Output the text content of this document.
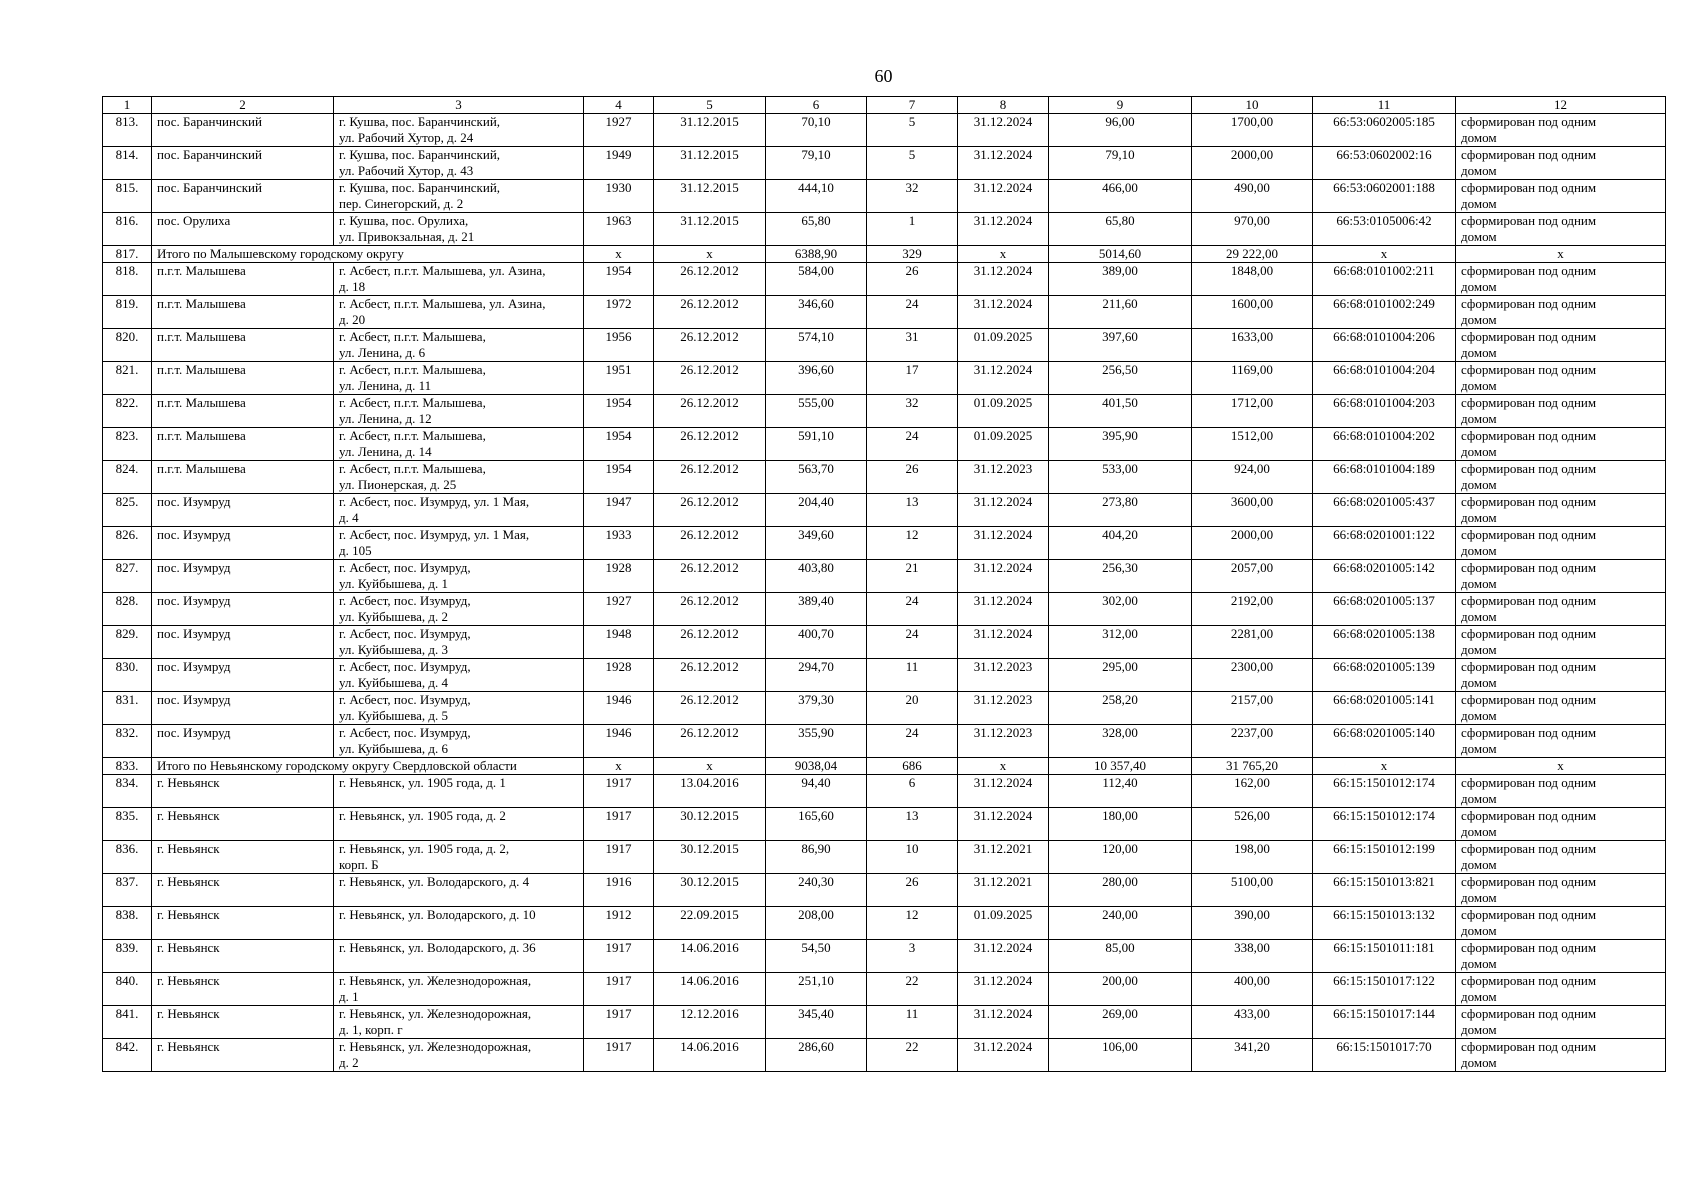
60
1	2	3	4	5	6	7	8	9	10	11	12
813.	пос. Баранчинский	г. Кушва, пос. Баранчинский,
ул. Рабочий Хутор, д. 24	1927	31.12.2015	70,10	5	31.12.2024	96,00	1700,00	66:53:0602005:185	сформирован под одним
домом

814.	пос. Баранчинский	г. Кушва, пос. Баранчинский,
ул. Рабочий Хутор, д. 43	1949	31.12.2015	79,10	5	31.12.2024	79,10	2000,00	66:53:0602002:16	сформирован под одним
домом

815.	пос. Баранчинский	г. Кушва, пос. Баранчинский,
пер. Синегорский, д. 2	1930	31.12.2015	444,10	32	31.12.2024	466,00	490,00	66:53:0602001:188	сформирован под одним
домом

816.	пос. Орулиха	г. Кушва, пос. Орулиха,
ул. Привокзальная, д. 21	1963	31.12.2015	65,80	1	31.12.2024	65,80	970,00	66:53:0105006:42	сформирован под одним
домом

817.	Итого по Малышевскому городскому округу		х	х	6388,90	329	х	5014,60	29 222,00	х	х
818.	п.г.т. Малышева	г. Асбест, п.г.т. Малышева, ул. Азина,
д. 18	1954	26.12.2012	584,00	26	31.12.2024	389,00	1848,00	66:68:0101002:211	сформирован под одним
домом

819.	п.г.т. Малышева	г. Асбест, п.г.т. Малышева, ул. Азина,
д. 20	1972	26.12.2012	346,60	24	31.12.2024	211,60	1600,00	66:68:0101002:249	сформирован под одним
домом

820.	п.г.т. Малышева	г. Асбест, п.г.т. Малышева,
ул. Ленина, д. 6	1956	26.12.2012	574,10	31	01.09.2025	397,60	1633,00	66:68:0101004:206	сформирован под одним
домом

821.	п.г.т. Малышева	г. Асбест, п.г.т. Малышева,
ул. Ленина, д. 11	1951	26.12.2012	396,60	17	31.12.2024	256,50	1169,00	66:68:0101004:204	сформирован под одним
домом

822.	п.г.т. Малышева	г. Асбест, п.г.т. Малышева,
ул. Ленина, д. 12	1954	26.12.2012	555,00	32	01.09.2025	401,50	1712,00	66:68:0101004:203	сформирован под одним
домом

823.	п.г.т. Малышева	г. Асбест, п.г.т. Малышева,
ул. Ленина, д. 14	1954	26.12.2012	591,10	24	01.09.2025	395,90	1512,00	66:68:0101004:202	сформирован под одним
домом

824.	п.г.т. Малышева	г. Асбест, п.г.т. Малышева,
ул. Пионерская, д. 25	1954	26.12.2012	563,70	26	31.12.2023	533,00	924,00	66:68:0101004:189	сформирован под одним
домом

825.	пос. Изумруд	г. Асбест, пос. Изумруд, ул. 1 Мая,
д. 4	1947	26.12.2012	204,40	13	31.12.2024	273,80	3600,00	66:68:0201005:437	сформирован под одним
домом

826.	пос. Изумруд	г. Асбест, пос. Изумруд, ул. 1 Мая,
д. 105	1933	26.12.2012	349,60	12	31.12.2024	404,20	2000,00	66:68:0201001:122	сформирован под одним
домом

827.	пос. Изумруд	г. Асбест, пос. Изумруд,
ул. Куйбышева, д. 1	1928	26.12.2012	403,80	21	31.12.2024	256,30	2057,00	66:68:0201005:142	сформирован под одним
домом

828.	пос. Изумруд	г. Асбест, пос. Изумруд,
ул. Куйбышева, д. 2	1927	26.12.2012	389,40	24	31.12.2024	302,00	2192,00	66:68:0201005:137	сформирован под одним
домом

829.	пос. Изумруд	г. Асбест, пос. Изумруд,
ул. Куйбышева, д. 3	1948	26.12.2012	400,70	24	31.12.2024	312,00	2281,00	66:68:0201005:138	сформирован под одним
домом

830.	пос. Изумруд	г. Асбест, пос. Изумруд,
ул. Куйбышева, д. 4	1928	26.12.2012	294,70	11	31.12.2023	295,00	2300,00	66:68:0201005:139	сформирован под одним
домом

831.	пос. Изумруд	г. Асбест, пос. Изумруд,
ул. Куйбышева, д. 5	1946	26.12.2012	379,30	20	31.12.2023	258,20	2157,00	66:68:0201005:141	сформирован под одним
домом

832.	пос. Изумруд	г. Асбест, пос. Изумруд,
ул. Куйбышева, д. 6	1946	26.12.2012	355,90	24	31.12.2023	328,00	2237,00	66:68:0201005:140	сформирован под одним
домом

833.	Итого по Невьянскому городскому округу Свердловской области		х	х	9038,04	686	х	10 357,40	31 765,20	х	х
834.	г. Невьянск	г. Невьянск, ул. 1905 года, д. 1	1917	13.04.2016	94,40	6	31.12.2024	112,40	162,00	66:15:1501012:174	сформирован под одним
домом

835.	г. Невьянск	г. Невьянск, ул. 1905 года, д. 2	1917	30.12.2015	165,60	13	31.12.2024	180,00	526,00	66:15:1501012:174	сформирован под одним
домом

836.	г. Невьянск	г. Невьянск, ул. 1905 года, д. 2,
корп. Б	1917	30.12.2015	86,90	10	31.12.2021	120,00	198,00	66:15:1501012:199	сформирован под одним
домом

837.	г. Невьянск	г. Невьянск, ул. Володарского, д. 4	1916	30.12.2015	240,30	26	31.12.2021	280,00	5100,00	66:15:1501013:821	сформирован под одним
домом

838.	г. Невьянск	г. Невьянск, ул. Володарского, д. 10	1912	22.09.2015	208,00	12	01.09.2025	240,00	390,00	66:15:1501013:132	сформирован под одним
домом

839.	г. Невьянск	г. Невьянск, ул. Володарского, д. 36	1917	14.06.2016	54,50	3	31.12.2024	85,00	338,00	66:15:1501011:181	сформирован под одним
домом

840.	г. Невьянск	г. Невьянск, ул. Железнодорожная,
д. 1	1917	14.06.2016	251,10	22	31.12.2024	200,00	400,00	66:15:1501017:122	сформирован под одним
домом

841.	г. Невьянск	г. Невьянск, ул. Железнодорожная,
д. 1, корп. г	1917	12.12.2016	345,40	11	31.12.2024	269,00	433,00	66:15:1501017:144	сформирован под одним
домом

842.	г. Невьянск	г. Невьянск, ул. Железнодорожная,
д. 2	1917	14.06.2016	286,60	22	31.12.2024	106,00	341,20	66:15:1501017:70	сформирован под одним
домом
